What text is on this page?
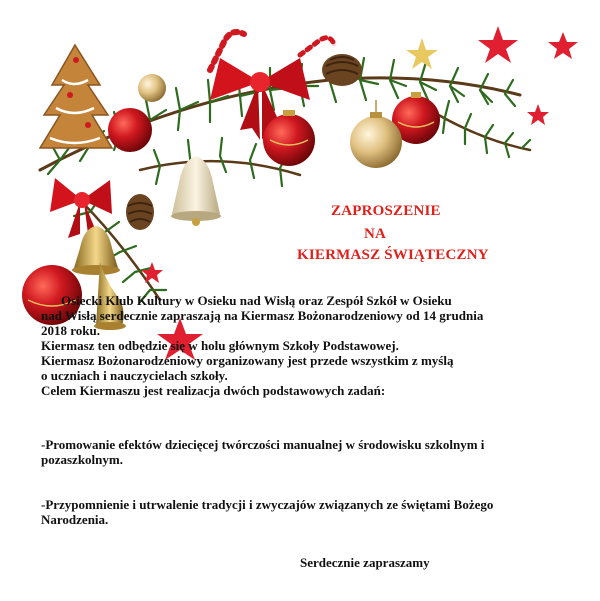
ZAPROSZENIE
NA
KIERMASZ ŚWIĄTECZNY
Osiecki Klub Kultury w Osieku nad Wisłą oraz Zespół Szkół w Osieku
nad Wisłą serdecznie zapraszają na Kiermasz Bożonarodzeniowy od 14 grudnia
2018 roku.
Kiermasz ten odbędzie się w holu głównym Szkoły Podstawowej.
Kiermasz Bożonarodzeniowy organizowany jest przede wszystkim z myślą
o uczniach i nauczycielach szkoły.
Celem Kiermaszu jest realizacja dwóch podstawowych zadań:
-Promowanie efektów dziecięcej twórczości manualnej w środowisku szkolnym i
pozaszkolnym.
-Przypomnienie i utrwalenie tradycji i zwyczajów związanych ze świętami Bożego
Narodzenia.
Serdecznie zapraszamy
